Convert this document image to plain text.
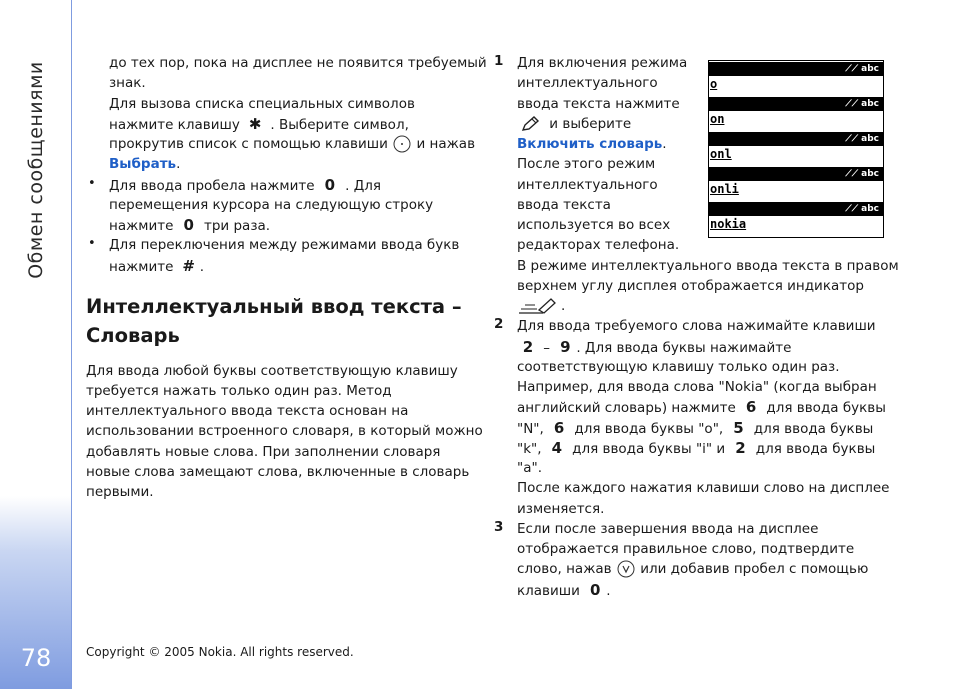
Обмен сообщениями
78
до тех пор, пока на дисплее не появится требуемый
знак.
Для вызова списка специальных символов
нажмите клавишу ✱ . Выберите символ,
прокрутив список с помощью клавиши и нажав
Выбрать.
• Для ввода пробела нажмите 0 . Для
перемещения курсора на следующую строку
нажмите 0 три раза.
• Для переключения между режимами ввода букв
нажмите # .
Интеллектуальный ввод текста –
Словарь
Для ввода любой буквы соответствующую клавишу
требуется нажать только один раз. Метод
интеллектуального ввода текста основан на
использовании встроенного словаря, в который можно
добавлять новые слова. При заполнении словаря
новые слова замещают слова, включенные в словарь
первыми.
1 Для включения режима
интеллектуального
ввода текста нажмите
и выберите
Включить словарь.
После этого режим
интеллектуального
ввода текста
используется во всех
редакторах телефона.
В режиме интеллектуального ввода текста в правом
верхнем углу дисплея отображается индикатор
.
2 Для ввода требуемого слова нажимайте клавиши
2 – 9 . Для ввода буквы нажимайте
соответствующую клавишу только один раз.
Например, для ввода слова "Nokia" (когда выбран
английский словарь) нажмите 6 для ввода буквы
"N", 6 для ввода буквы "o", 5 для ввода буквы
"k", 4 для ввода буквы "i" и 2 для ввода буквы
"a".
После каждого нажатия клавиши слово на дисплее
изменяется.
3 Если после завершения ввода на дисплее
отображается правильное слово, подтвердите
слово, нажав или добавив пробел с помощью
клавиши 0 .
⟋⟋ abc
o
⟋⟋ abc
on
⟋⟋ abc
onl
⟋⟋ abc
onli
⟋⟋ abc
nokia
Copyright © 2005 Nokia. All rights reserved.
